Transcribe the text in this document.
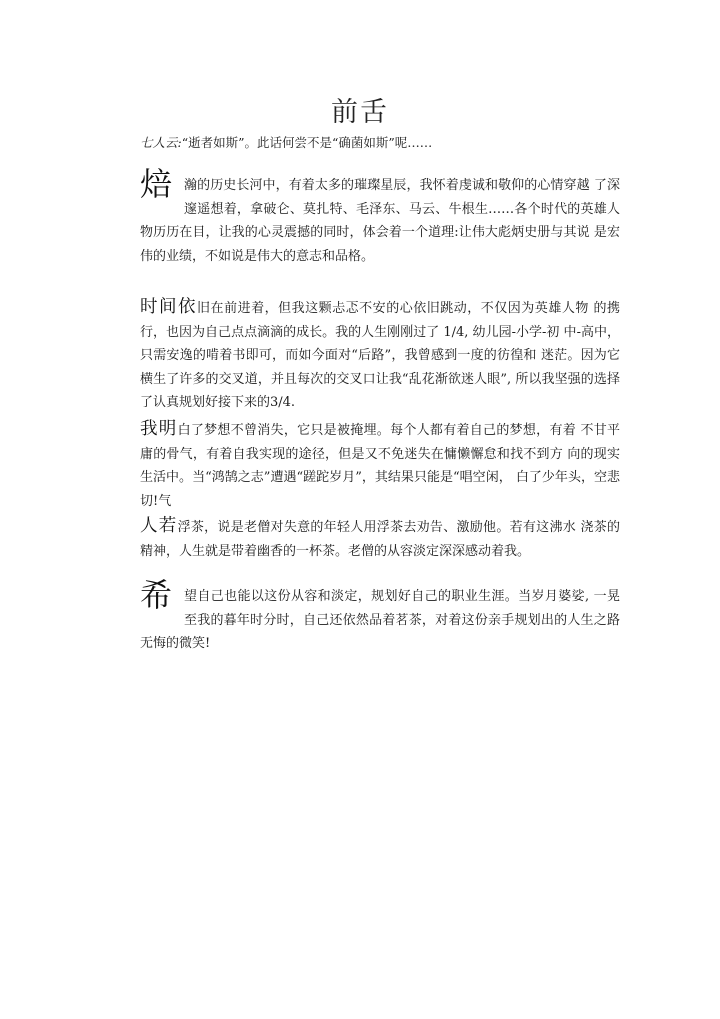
前舌
七人云:“逝者如斯”。此话何尝不是“确菌如斯”呢……

焙瀚的历史长河中，有着太多的璀璨星辰，我怀着虔诚和敬仰的心情穿越 了深邃遥想着，拿破仑、莫扎特、毛泽东、马云、牛根生……各个时代的英雄人 物历历在目，让我的心灵震撼的同时，体会着一个道理:让伟大彪炳史册与其说 是宏伟的业绩，不如说是伟大的意志和品格。

时间依旧在前进着，但我这颗忐忑不安的心依旧跳动，不仅因为英雄人物 的携行，也因为自己点点滴滴的成长。我的人生刚刚过了 1/4, 幼儿园-小学-初 中-高中，只需安逸的啃着书即可，而如今面对“后路”，我曾感到一度的彷徨和 迷茫。因为它横生了许多的交叉道，并且每次的交叉口让我“乱花渐欲迷人眼”, 所以我坚强的选择了认真规划好接下来的3/4.

我明白了梦想不曾消失，它只是被掩埋。每个人都有着自己的梦想，有着 不甘平庸的骨气，有着自我实现的途径，但是又不免迷失在慵懒懈怠和找不到方 向的现实生活中。当“鸿鹄之志”遭遇“蹉跎岁月”，其结果只能是“唱空闲， 白了少年头，空悲切!气

人若浮茶，说是老僧对失意的年轻人用浮茶去劝告、激励他。若有这沸水 浇茶的精神，人生就是带着幽香的一杯茶。老僧的从容淡定深深感动着我。

希望自己也能以这份从容和淡定，规划好自己的职业生涯。当岁月婆娑, 一晃至我的暮年时分时，自己还依然品着茗茶，对着这份亲手规划出的人生之路 无悔的微笑!
